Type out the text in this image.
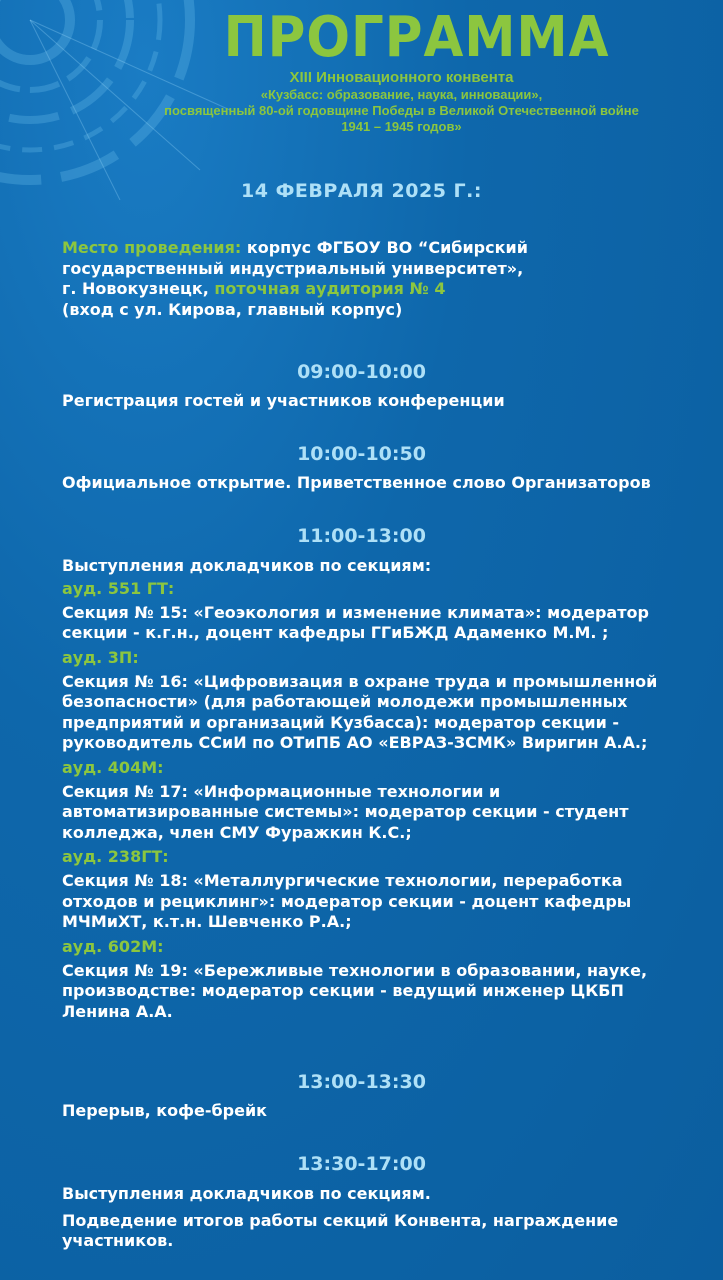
ПРОГРАММА
XIII Инновационного конвента
«Кузбасс: образование, наука, инновации»,
посвященный 80-ой годовщине Победы в Великой Отечественной войне
1941 – 1945 годов»
14 ФЕВРАЛЯ 2025 Г.:

Место проведения: корпус ФГБОУ ВО “Сибирский

государственный индустриальный университет»,

г. Новокузнецк, поточная аудитория № 4

(вход с ул. Кирова, главный корпус)

09:00-10:00

Регистрация гостей и участников конференции

10:00-10:50

Официальное открытие. Приветственное слово Организаторов

11:00-13:00

Выступления докладчиков по секциям:

ауд. 551 ГТ:

Секция № 15: «Геоэкология и изменение климата»: модератор

секции - к.г.н., доцент кафедры ГГиБЖД Адаменко М.М. ;

ауд. 3П:

Секция № 16: «Цифровизация в охране труда и промышленной

безопасности» (для работающей молодежи промышленных

предприятий и организаций Кузбасса): модератор секции -

руководитель ССиИ по ОТиПБ АО «ЕВРАЗ-ЗСМК» Виригин А.А.;

ауд. 404М:

Секция № 17: «Информационные технологии и

автоматизированные системы»: модератор секции - студент

колледжа, член СМУ Фуражкин К.С.;

ауд. 238ГТ:

Секция № 18: «Металлургические технологии, переработка

отходов и рециклинг»: модератор секции - доцент кафедры

МЧМиХТ, к.т.н. Шевченко Р.А.;

ауд. 602М:

Секция № 19: «Бережливые технологии в образовании, науке,

производстве: модератор секции - ведущий инженер ЦКБП

Ленина А.А.

13:00-13:30

Перерыв, кофе-брейк

13:30-17:00

Выступления докладчиков по секциям.

Подведение итогов работы секций Конвента, награждение

участников.
